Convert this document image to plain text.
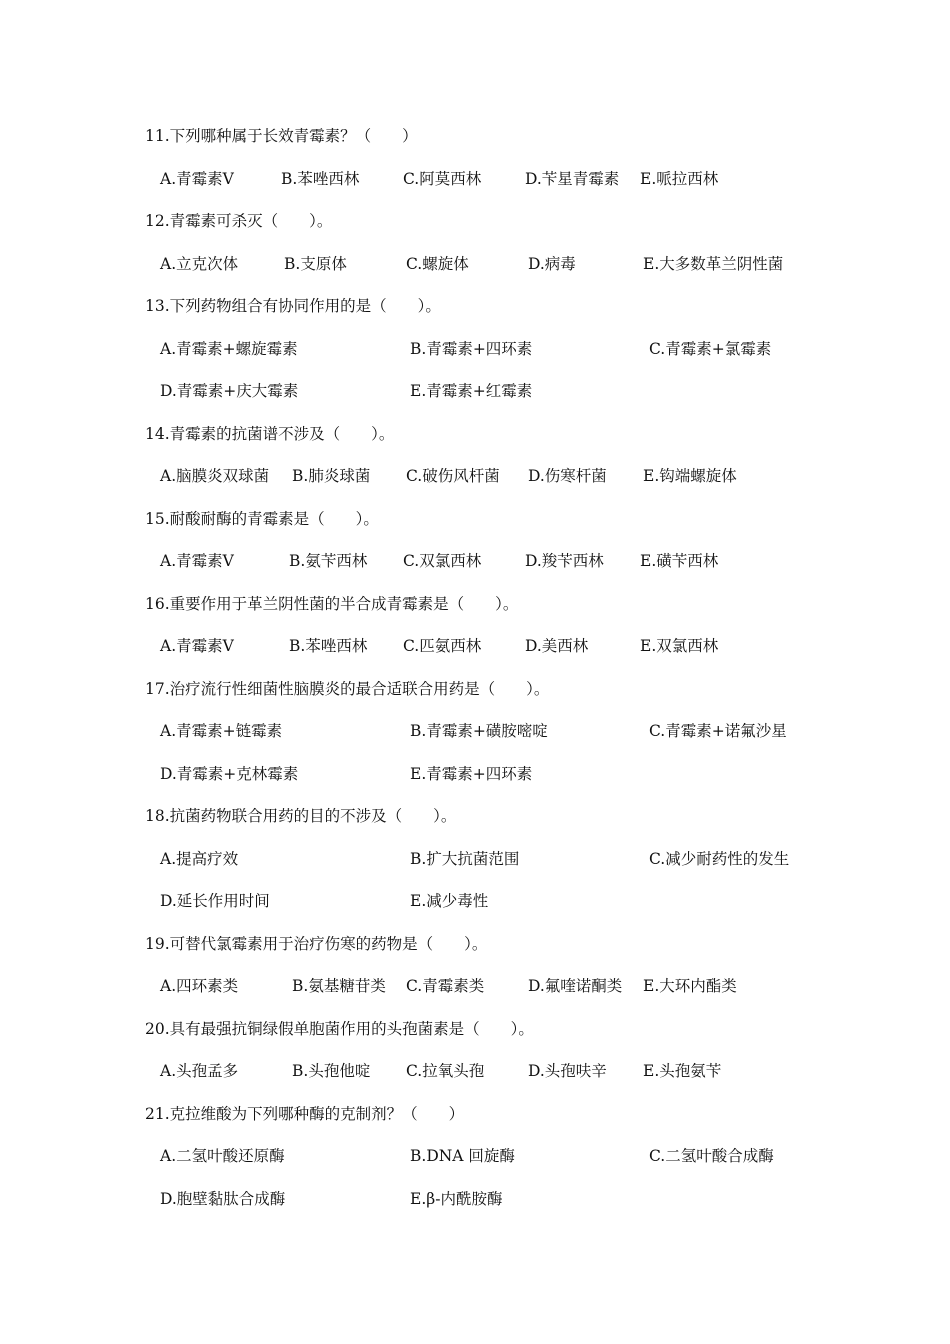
11.下列哪种属于长效青霉素？（　　）
A.青霉素V	B.苯唑西林	C.阿莫西林	D.苄星青霉素 E.哌拉西林
12.青霉素可杀灭（　　）。
A.立克次体	B.支原体	C.螺旋体	D.病毒	E.大多数革兰阴性菌
13.下列药物组合有协同作用的是（　　）。
A.青霉素+螺旋霉素	B.青霉素+四环素	C.青霉素+氯霉素
D.青霉素+庆大霉素	E.青霉素+红霉素
14.青霉素的抗菌谱不涉及（　　）。
A.脑膜炎双球菌 B.肺炎球菌 C.破伤风杆菌 D.伤寒杆菌 E.钩端螺旋体
15.耐酸耐酶的青霉素是（　　）。
A.青霉素V	B.氨苄西林 C.双氯西林	D.羧苄西林 E.磺苄西林
16.重要作用于革兰阴性菌的半合成青霉素是（　　）。
A.青霉素V	B.苯唑西林 C.匹氨西林	D.美西林	E.双氯西林
17.治疗流行性细菌性脑膜炎的最合适联合用药是（　　）。
A.青霉素+链霉素	B.青霉素+磺胺嘧啶	C.青霉素+诺氟沙星
D.青霉素+克林霉素	E.青霉素+四环素
18.抗菌药物联合用药的目的不涉及（　　）。
A.提高疗效	B.扩大抗菌范围	C.减少耐药性的发生
D.延长作用时间	E.减少毒性
19.可替代氯霉素用于治疗伤寒的药物是（　　）。
A.四环素类	B.氨基糖苷类 C.青霉素类	D.氟喹诺酮类 E.大环内酯类
20.具有最强抗铜绿假单胞菌作用的头孢菌素是（　　）。
A.头孢孟多	B.头孢他啶 C.拉氧头孢	D.头孢呋辛 E.头孢氨苄
21.克拉维酸为下列哪种酶的克制剂？（　　）
A.二氢叶酸还原酶	B.DNA 回旋酶	C.二氢叶酸合成酶
D.胞壁黏肽合成酶	E.β-内酰胺酶
